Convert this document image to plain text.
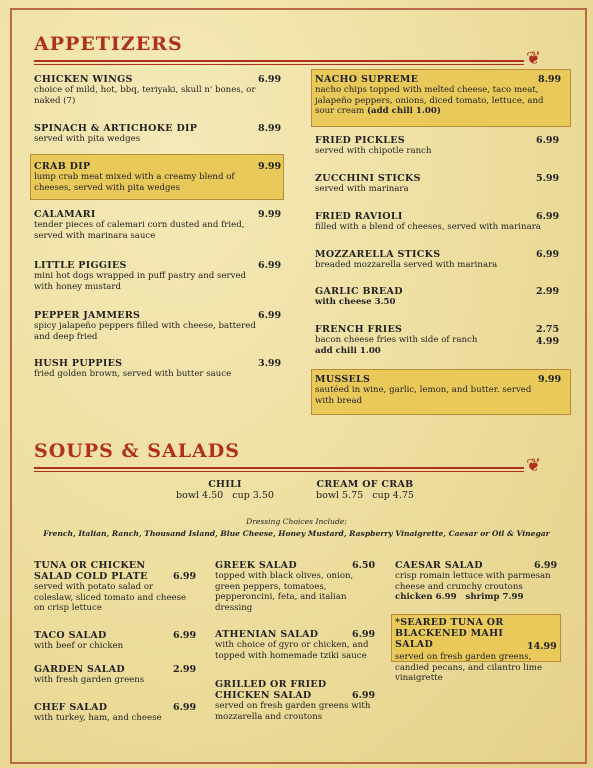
APPETIZERS
❦
CHICKEN WINGS
choice of mild, hot, bbq, teriyaki, skull n' bones, or naked (7)
6.99
SPINACH & ARTICHOKE DIP
served with pita wedges
8.99
CRAB DIP
lump crab meat mixed with a creamy blend of cheeses, served with pita wedges
9.99
CALAMARI
tender pieces of calemari corn dusted and fried, served with marinara sauce
9.99
LITTLE PIGGIES
mini hot dogs wrapped in puff pastry and served with honey mustard
6.99
PEPPER JAMMERS
spicy jalapeño peppers filled with cheese, battered and deep fried
6.99
HUSH PUPPIES
fried golden brown, served with butter sauce
3.99
NACHO SUPREME
nacho chips topped with melted cheese, taco meat, jalapeño peppers, onions, diced tomato, lettuce, and sour cream (add chili 1.00)
8.99
FRIED PICKLES
served with chipotle ranch
6.99
ZUCCHINI STICKS
served with marinara
5.99
FRIED RAVIOLI
filled with a blend of cheeses, served with marinara
6.99
MOZZARELLA STICKS
breaded mozzarella served with marinara
6.99
GARLIC BREAD
with cheese 3.50
2.99
FRENCH FRIES
bacon cheese fries with side of ranch
add chili 1.00
2.75
4.99
MUSSELS
sautéed in wine, garlic, lemon, and butter. served with bread
9.99
SOUPS & SALADS
❦
CHILI
bowl 4.50   cup 3.50
CREAM OF CRAB
bowl 5.75   cup 4.75
Dressing Choices Include:
French, Italian, Ranch, Thousand Island, Blue Cheese, Honey Mustard, Raspberry Vinaigrette, Caesar or Oil & Vinegar
TUNA OR CHICKEN
SALAD COLD PLATE
served with potato salad or coleslaw, sliced tomato and cheese on crisp lettuce
6.99
TACO SALAD
with beef or chicken
6.99
GARDEN SALAD
with fresh garden greens
2.99
CHEF SALAD
with turkey, ham, and cheese
6.99
GREEK SALAD
topped with black olives, onion, green peppers, tomatoes, pepperoncini, feta, and italian dressing
6.50
ATHENIAN SALAD
with choice of gyro or chicken, and topped with homemade tziki sauce
6.99
GRILLED OR FRIED
CHICKEN SALAD
served on fresh garden greens with mozzarella and croutons
6.99
CAESAR SALAD
crisp romain lettuce with parmesan cheese and crunchy croutons
chicken 6.99   shrimp 7.99
6.99
*SEARED TUNA OR
BLACKENED MAHI
SALAD
served on fresh garden greens, candied pecans, and cilantro lime vinaigrette
14.99
